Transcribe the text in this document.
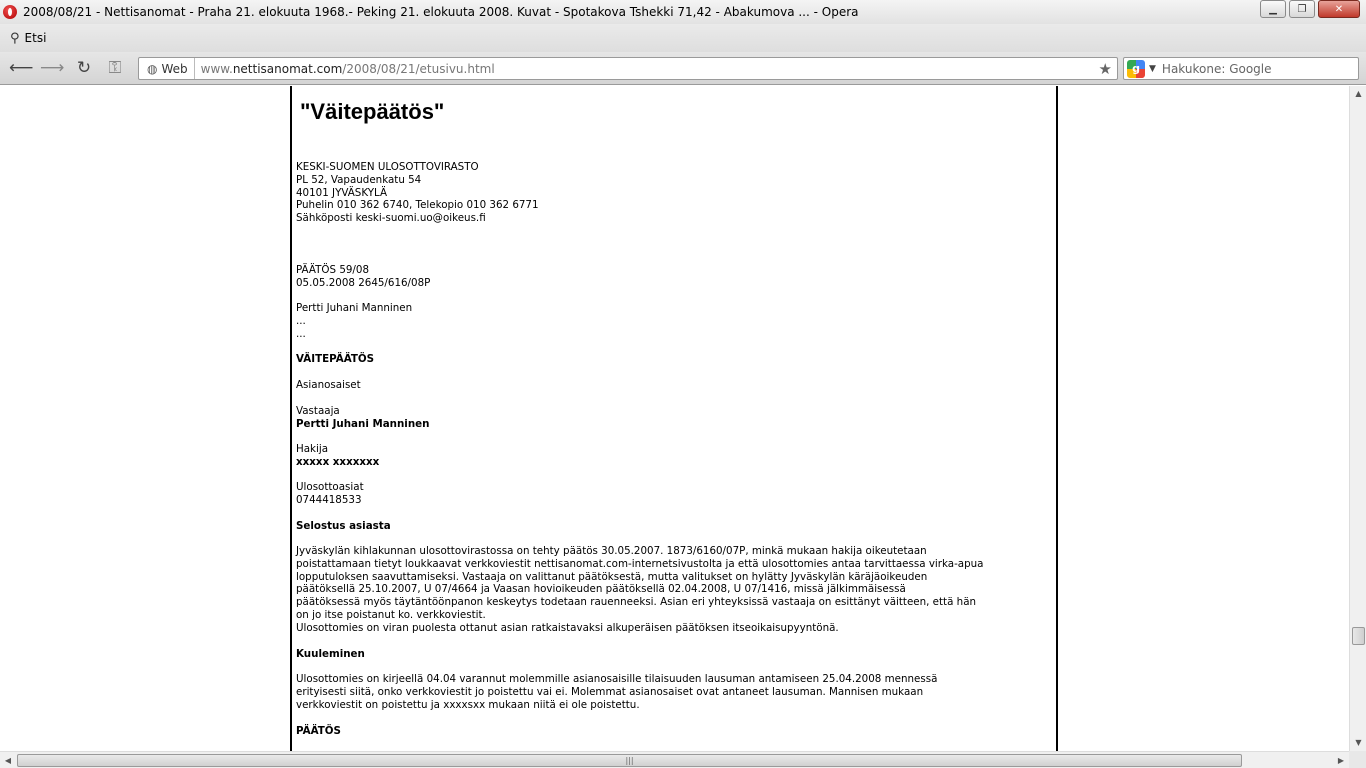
2008/08/21 - Nettisanomat - Praha 21. elokuuta 1968.- Peking 21. elokuuta 2008. Kuvat - Spotakova Tshekki 71,42 - Abakumova ... - Opera	▁	❐	✕
⚲ Etsi
⟵ ⟶ ↻ ⚿	◍ Web	www.nettisanomat.com/2008/08/21/etusivu.html	★	g	▼ Hakukone: Google
"Väitepäätös"
KESKI-SUOMEN ULOSOTTOVIRASTO
PL 52, Vapaudenkatu 54
40101 JYVÄSKYLÄ
Puhelin 010 362 6740, Telekopio 010 362 6771
Sähköposti keski-suomi.uo@oikeus.fi
PÄÄTÖS 59/08
05.05.2008 2645/616/08P
Pertti Juhani Manninen
...
...
VÄITEPÄÄTÖS
Asianosaiset
Vastaaja
Pertti Juhani Manninen
Hakija
xxxxx xxxxxxx
Ulosottoasiat
0744418533
Selostus asiasta
Jyväskylän kihlakunnan ulosottovirastossa on tehty päätös 30.05.2007. 1873/6160/07P, minkä mukaan hakija oikeutetaan
poistattamaan tietyt loukkaavat verkkoviestit nettisanomat.com-internetsivustolta ja että ulosottomies antaa tarvittaessa virka-apua
lopputuloksen saavuttamiseksi. Vastaaja on valittanut päätöksestä, mutta valitukset on hylätty Jyväskylän käräjäoikeuden
päätöksellä 25.10.2007, U 07/4664 ja Vaasan hovioikeuden päätöksellä 02.04.2008, U 07/1416, missä jälkimmäisessä
päätöksessä myös täytäntöönpanon keskeytys todetaan rauenneeksi. Asian eri yhteyksissä vastaaja on esittänyt väitteen, että hän
on jo itse poistanut ko. verkkoviestit.
Ulosottomies on viran puolesta ottanut asian ratkaistavaksi alkuperäisen päätöksen itseoikaisupyyntönä.
Kuuleminen
Ulosottomies on kirjeellä 04.04 varannut molemmille asianosaisille tilaisuuden lausuman antamiseen 25.04.2008 mennessä
erityisesti siitä, onko verkkoviestit jo poistettu vai ei. Molemmat asianosaiset ovat antaneet lausuman. Mannisen mukaan
verkkoviestit on poistettu ja xxxxsxx mukaan niitä ei ole poistettu.
PÄÄTÖS
▲
▼
◀	|||	▶
